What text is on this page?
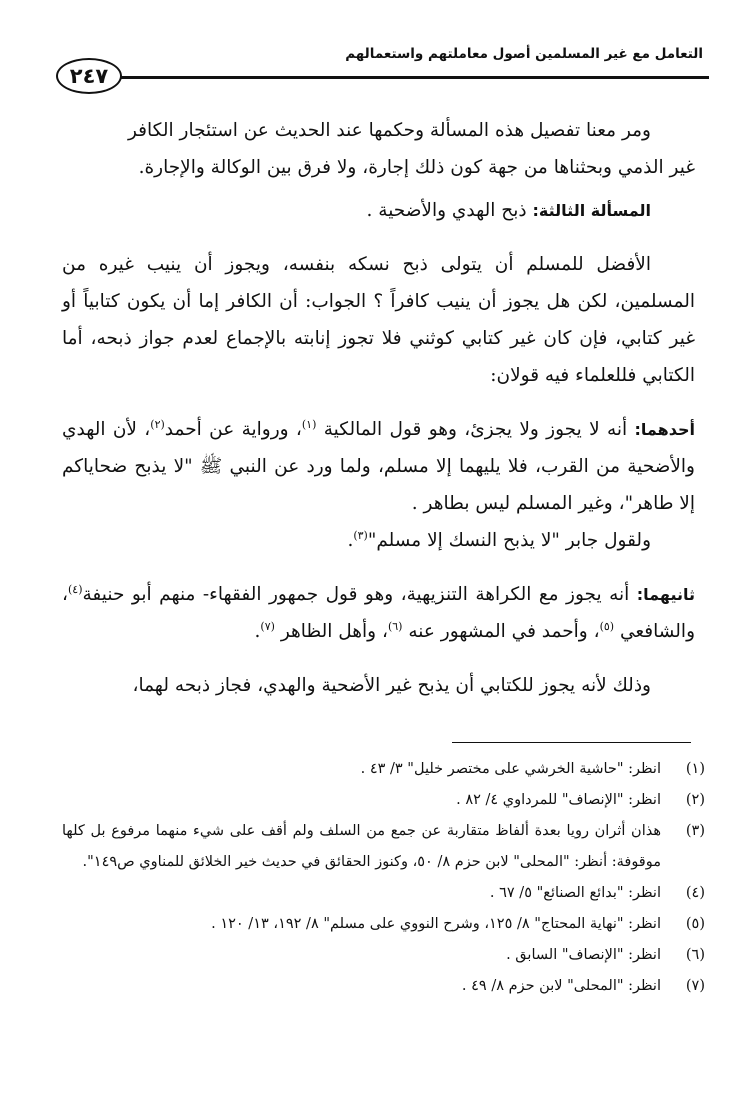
التعامل مع غير المسلمين أصول معاملتهم واستعمالهم
٢٤٧

ومر معنا تفصيل هذه المسألة وحكمها عند الحديث عن استئجار الكافر

غير الذمي وبحثناها من جهة كون ذلك إجارة، ولا فرق بين الوكالة والإجارة.

المسألة الثالثة: ذبح الهدي والأضحية .

الأفضل للمسلم أن يتولى ذبح نسكه بنفسه، ويجوز أن ينيب غيره من المسلمين، لكن هل يجوز أن ينيب كافراً ؟ الجواب: أن الكافر إما أن يكون كتابياً أو غير كتابي، فإن كان غير كتابي كوثني فلا تجوز إنابته بالإجماع لعدم جواز ذبحه، أما الكتابي فللعلماء فيه قولان:

أحدهما: أنه لا يجوز ولا يجزئ، وهو قول المالكية $^{(١)}$، ورواية عن أحمد$^{(٢)}$، لأن الهدي والأضحية من القرب، فلا يليهما إلا مسلم، ولما ورد عن النبي ﷺ "لا يذبح ضحاياكم إلا طاهر"، وغير المسلم ليس بطاهر .

ولقول جابر "لا يذبح النسك إلا مسلم"$^{(٣)}$.

ثانيهما: أنه يجوز مع الكراهة التنزيهية، وهو قول جمهور الفقهاء- منهم أبو حنيفة$^{(٤)}$، والشافعي $^{(٥)}$، وأحمد في المشهور عنه $^{(٦)}$، وأهل الظاهر $^{(٧)}$.

وذلك لأنه يجوز للكتابي أن يذبح غير الأضحية والهدي، فجاز ذبحه لهما،

(١)
انظر: "حاشية الخرشي على مختصر خليل" ٣/ ٤٣ .
(٢)
انظر: "الإنصاف" للمرداوي ٤/ ٨٢ .
(٣)
هذان أثران رويا بعدة ألفاظ متقاربة عن جمع من السلف ولم أقف على شيء منهما مرفوع بل كلها موقوفة: أنظر: "المحلى" لابن حزم ٨/ ٥٠، وكنوز الحقائق في حديث خير الخلائق للمناوي ص١٤٩".
(٤)
انظر: "بدائع الصنائع" ٥/ ٦٧ .
(٥)
انظر: "نهاية المحتاج" ٨/ ١٢٥، وشرح النووي على مسلم" ٨/ ١٩٢، ١٣/ ١٢٠ .
(٦)
انظر: "الإنصاف" السابق .
(٧)
انظر: "المحلى" لابن حزم ٨/ ٤٩ .
